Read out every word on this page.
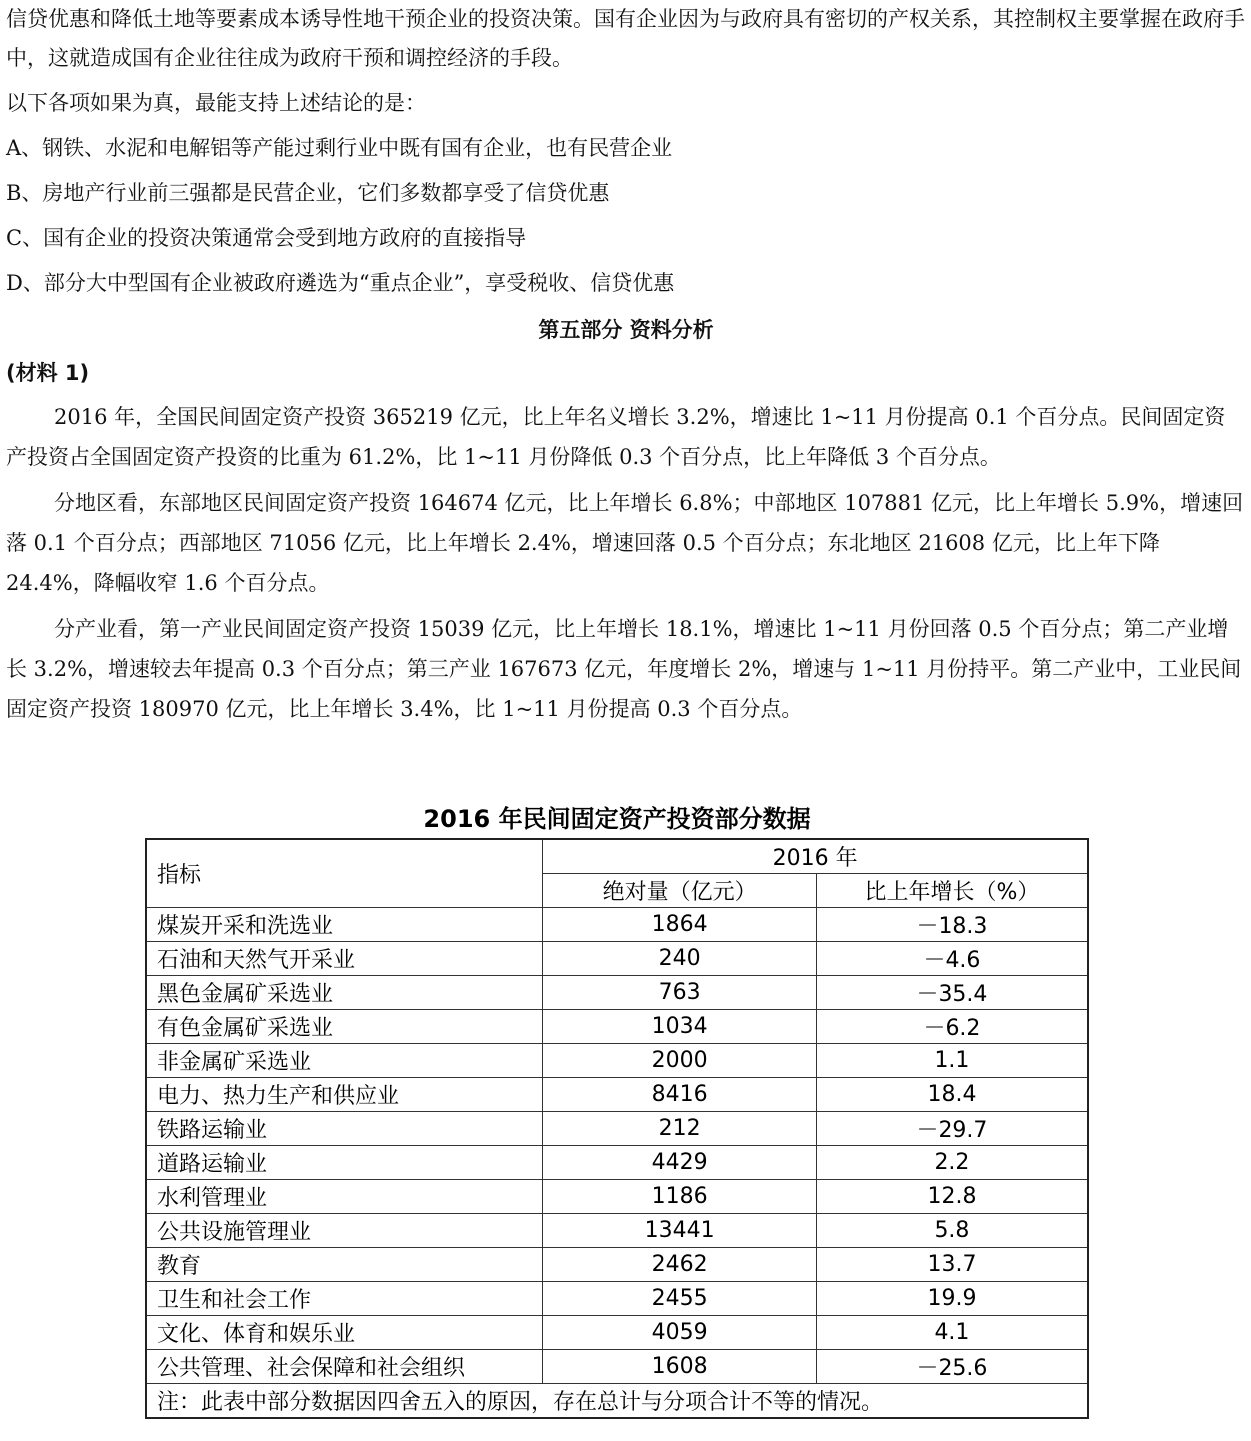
信贷优惠和降低土地等要素成本诱导性地干预企业的投资决策。国有企业因为与政府具有密切的产权关系，其控制权主要掌握在政府手中，这就造成国有企业往往成为政府干预和调控经济的手段。

以下各项如果为真，最能支持上述结论的是：

A、钢铁、水泥和电解铝等产能过剩行业中既有国有企业，也有民营企业

B、房地产行业前三强都是民营企业，它们多数都享受了信贷优惠

C、国有企业的投资决策通常会受到地方政府的直接指导

D、部分大中型国有企业被政府遴选为“重点企业”，享受税收、信贷优惠

第五部分 资料分析
(材料 1)

2016 年，全国民间固定资产投资 365219 亿元，比上年名义增长 3.2%，增速比 1~11 月份提高 0.1 个百分点。民间固定资产投资占全国固定资产投资的比重为 61.2%，比 1~11 月份降低 0.3 个百分点，比上年降低 3 个百分点。

分地区看，东部地区民间固定资产投资 164674 亿元，比上年增长 6.8%；中部地区 107881 亿元，比上年增长 5.9%，增速回落 0.1 个百分点；西部地区 71056 亿元，比上年增长 2.4%，增速回落 0.5 个百分点；东北地区 21608 亿元，比上年下降 24.4%，降幅收窄 1.6 个百分点。

分产业看，第一产业民间固定资产投资 15039 亿元，比上年增长 18.1%，增速比 1~11 月份回落 0.5 个百分点；第二产业增长 3.2%，增速较去年提高 0.3 个百分点；第三产业 167673 亿元，年度增长 2%，增速与 1~11 月份持平。第二产业中，工业民间固定资产投资 180970 亿元，比上年增长 3.4%，比 1~11 月份提高 0.3 个百分点。

2016 年民间固定资产投资部分数据
指标	2016 年	
	绝对量（亿元）	比上年增长（%）
煤炭开采和洗选业	1864	－18.3
石油和天然气开采业	240	－4.6
黑色金属矿采选业	763	－35.4
有色金属矿采选业	1034	－6.2
非金属矿采选业	2000	1.1
电力、热力生产和供应业	8416	18.4
铁路运输业	212	－29.7
道路运输业	4429	2.2
水利管理业	1186	12.8
公共设施管理业	13441	5.8
教育	2462	13.7
卫生和社会工作	2455	19.9
文化、体育和娱乐业	4059	4.1
公共管理、社会保障和社会组织	1608	－25.6
注：此表中部分数据因四舍五入的原因，存在总计与分项合计不等的情况。		
